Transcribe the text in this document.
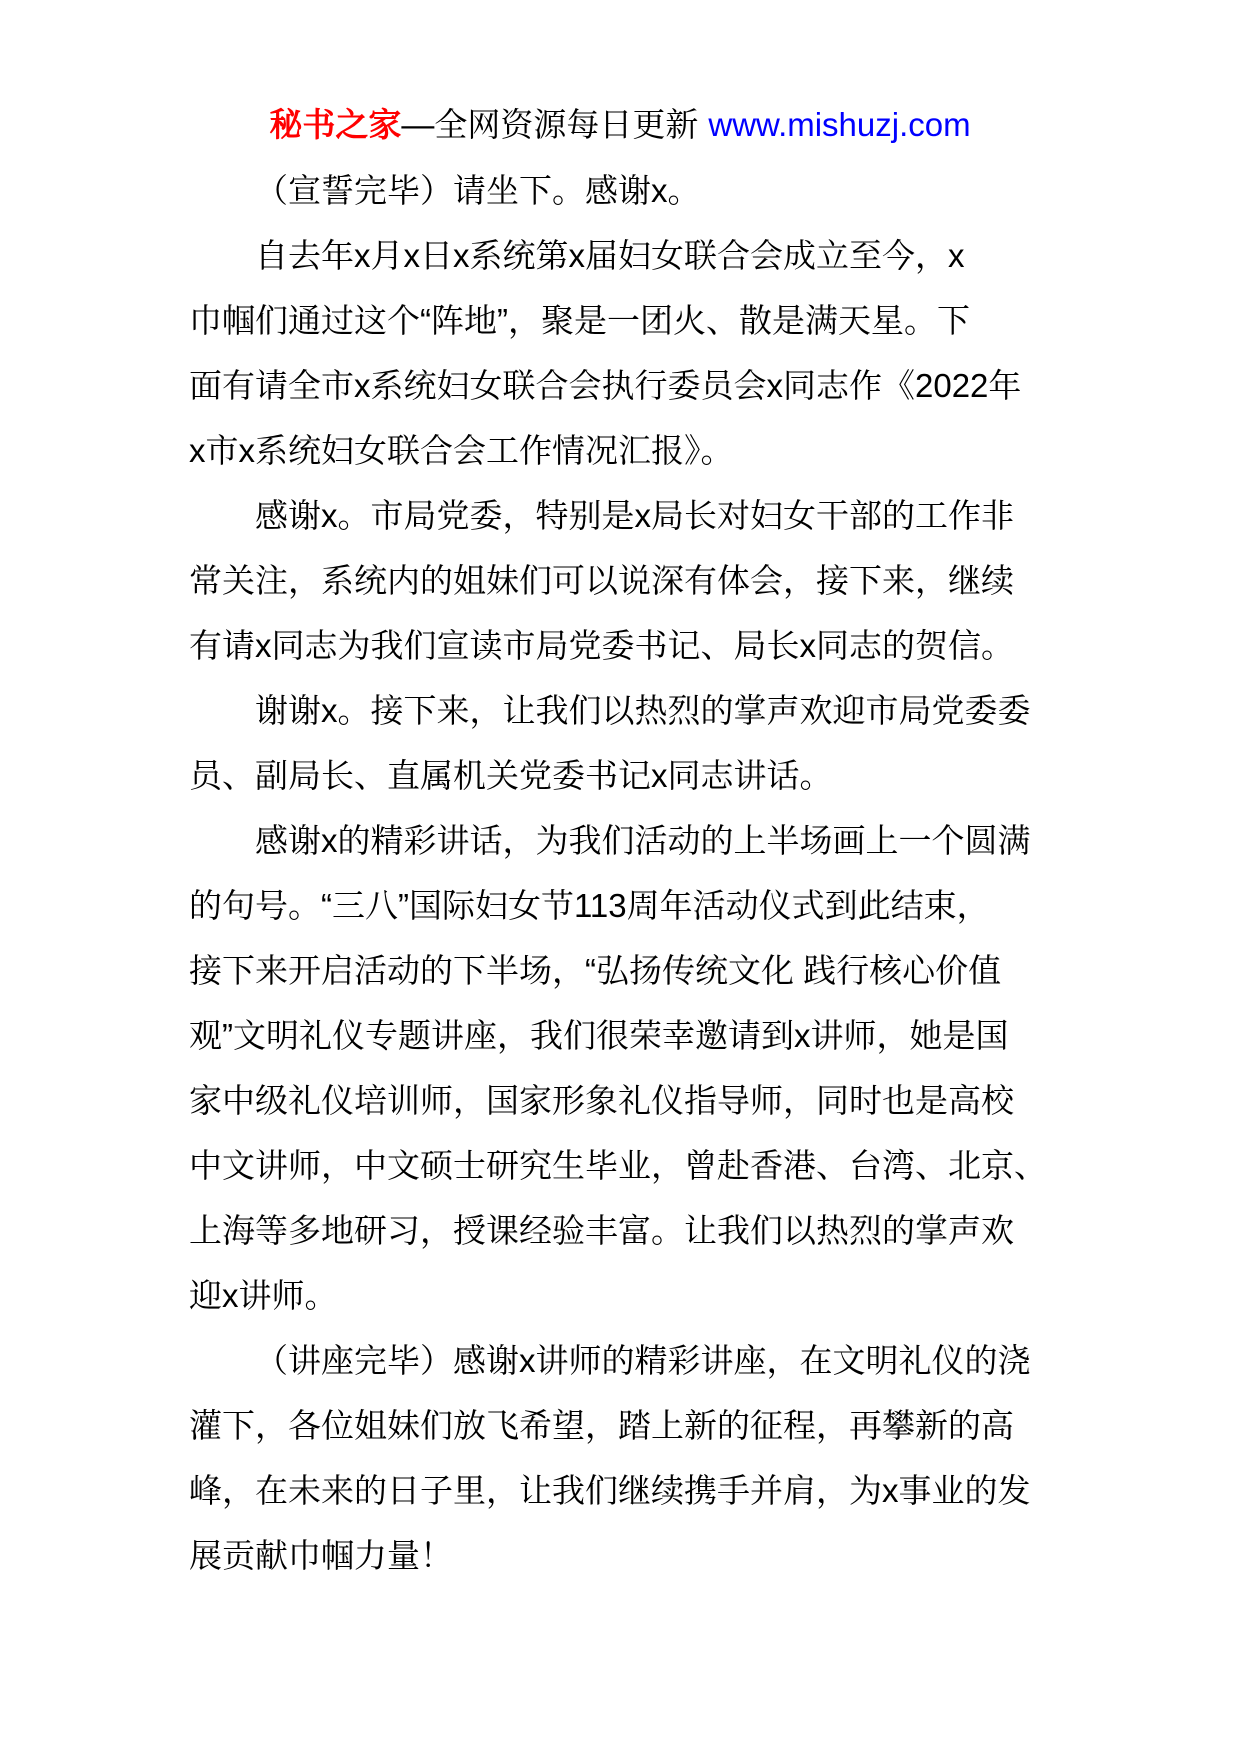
秘书之家—全网资源每日更新 www.mishuzj.com
（宣誓完毕）请坐下。感谢x。
自去年x月x日x系统第x届妇女联合会成立至今，x
巾帼们通过这个“阵地”，聚是一团火、散是满天星。下
面有请全市x系统妇女联合会执行委员会x同志作《2022年
x市x系统妇女联合会工作情况汇报》。
感谢x。市局党委，特别是x局长对妇女干部的工作非
常关注，系统内的姐妹们可以说深有体会，接下来，继续
有请x同志为我们宣读市局党委书记、局长x同志的贺信。
谢谢x。接下来，让我们以热烈的掌声欢迎市局党委委
员、副局长、直属机关党委书记x同志讲话。
感谢x的精彩讲话，为我们活动的上半场画上一个圆满
的句号。“三八”国际妇女节113周年活动仪式到此结束，
接下来开启活动的下半场，“弘扬传统文化 践行核心价值
观”文明礼仪专题讲座，我们很荣幸邀请到x讲师，她是国
家中级礼仪培训师，国家形象礼仪指导师，同时也是高校
中文讲师，中文硕士研究生毕业，曾赴香港、台湾、北京、
上海等多地研习，授课经验丰富。让我们以热烈的掌声欢
迎x讲师。
（讲座完毕）感谢x讲师的精彩讲座，在文明礼仪的浇
灌下，各位姐妹们放飞希望，踏上新的征程，再攀新的高
峰，在未来的日子里，让我们继续携手并肩，为x事业的发
展贡献巾帼力量！
